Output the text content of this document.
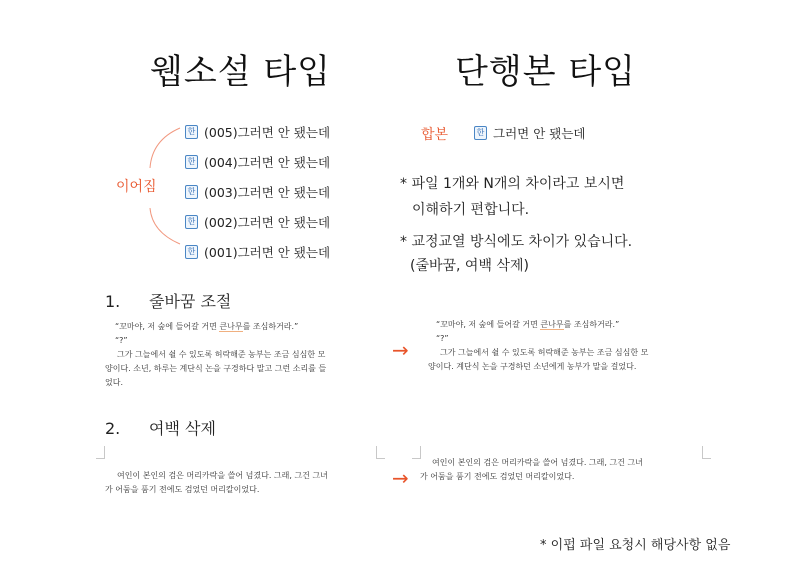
웹소설 타입	단행본 타입
이어짐
한 (005)그러면 안 됐는데
한 (004)그러면 안 됐는데
한 (003)그러면 안 됐는데
한 (002)그러면 안 됐는데
한 (001)그러면 안 됐는데
합본	한 그러면 안 됐는데
* 파일 1개와 N개의 차이라고 보시면
이해하기 편합니다.
* 교정교열 방식에도 차이가 있습니다.
(줄바꿈, 여백 삭제)
1. 줄바꿈 조절
“꼬마야, 저 숲에 들어갈 거면 큰나무를 조심하거라.”
“?”
그가 그늘에서 쉴 수 있도록 허락해준 농부는 조금 심심한 모
양이다. 소년, 하루는 계단식 논을 구경하다 말고 그런 소리를 들
었다.
→
“꼬마야, 저 숲에 들어갈 거면 큰나무를 조심하거라.”
“?”
그가 그늘에서 쉴 수 있도록 허락해준 농부는 조금 심심한 모
양이다. 계단식 논을 구경하던 소년에게 농부가 말을 걸었다.
2. 여백 삭제
여인이 본인의 검은 머리카락을 쓸어 넘겼다. 그래, 그건 그녀
가 어둠을 품기 전에도 검었던 머리칼이었다.	→
여인이 본인의 검은 머리카락을 쓸어 넘겼다. 그래, 그건 그녀
가 어둠을 품기 전에도 검었던 머리칼이었다.
* 이펍 파일 요청시 해당사항 없음
